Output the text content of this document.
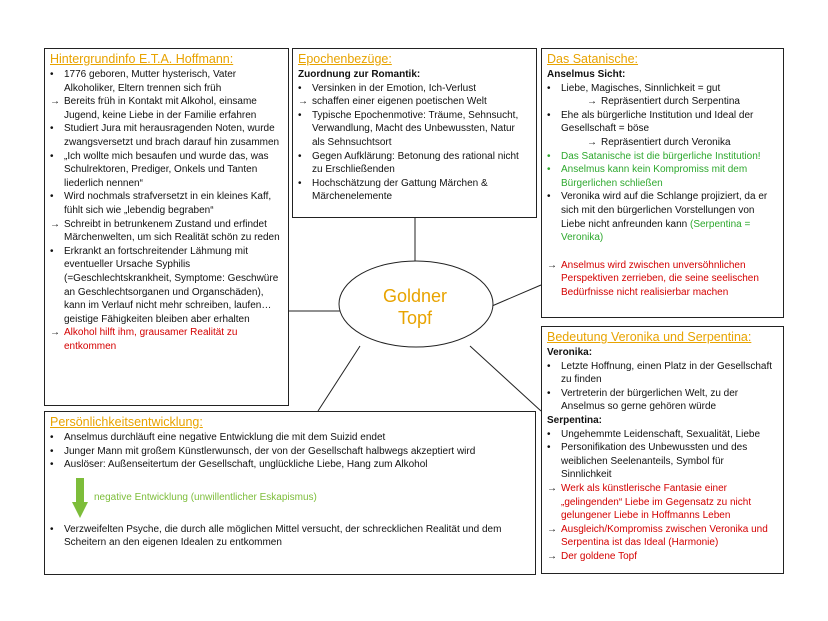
Goldner
Topf
Hintergrundinfo E.T.A. Hoffmann:
•	1776 geboren, Mutter hysterisch, Vater Alkoholiker, Eltern trennen sich früh
→ Bereits früh in Kontakt mit Alkohol, einsame Jugend, keine Liebe in der Familie erfahren
•	Studiert Jura mit herausragenden Noten, wurde zwangsversetzt und brach darauf hin zusammen
•	„Ich wollte mich besaufen und wurde das, was Schulrektoren, Prediger, Onkels und Tanten liederlich nennen“
•	Wird nochmals strafversetzt in ein kleines Kaff, fühlt sich wie „lebendig begraben“
→ Schreibt in betrunkenem Zustand und erfindet Märchenwelten, um sich Realität schön zu reden
•	Erkrankt an fortschreitender Lähmung mit eventueller Ursache Syphilis (=Geschlechtskrankheit, Symptome: Geschwüre an Geschlechtsorganen und Organschäden), kann im Verlauf nicht mehr schreiben, laufen… geistige Fähigkeiten bleiben aber erhalten
→ Alkohol hilft ihm, grausamer Realität zu entkommen
Epochenbezüge:
Zuordnung zur Romantik:
•	Versinken in der Emotion, Ich-Verlust
→ schaffen einer eigenen poetischen Welt
•	Typische Epochenmotive: Träume, Sehnsucht, Verwandlung, Macht des Unbewussten, Natur als Sehnsuchtsort
•	Gegen Aufklärung: Betonung des rational nicht zu Erschließenden
•	Hochschätzung der Gattung Märchen & Märchenelemente
Das Satanische:
Anselmus Sicht:
•	Liebe, Magisches, Sinnlichkeit = gut
→ Repräsentiert durch Serpentina
•	Ehe als bürgerliche Institution und Ideal der Gesellschaft = böse
→ Repräsentiert durch Veronika
•	Das Satanische ist die bürgerliche Institution!
•	Anselmus kann kein Kompromiss mit dem Bürgerlichen schließen
•	Veronika wird auf die Schlange projiziert, da er sich mit den bürgerlichen Vorstellungen von Liebe nicht anfreunden kann (Serpentina = Veronika)
→ Anselmus wird zwischen unversöhnlichen Perspektiven zerrieben, die seine seelischen Bedürfnisse nicht realisierbar machen
Bedeutung Veronika und Serpentina:
Veronika:
•	Letzte Hoffnung, einen Platz in der Gesellschaft zu finden
•	Vertreterin der bürgerlichen Welt, zu der Anselmus so gerne gehören würde
Serpentina:
•	Ungehemmte Leidenschaft, Sexualität, Liebe
•	Personifikation des Unbewussten und des weiblichen Seelenanteils, Symbol für Sinnlichkeit
→ Werk als künstlerische Fantasie einer „gelingenden“ Liebe im Gegensatz zu nicht gelungener Liebe in Hoffmanns Leben
→ Ausgleich/Kompromiss zwischen Veronika und Serpentina ist das Ideal (Harmonie)
→ Der goldene Topf
Persönlichkeitsentwicklung:
•	Anselmus durchläuft eine negative Entwicklung die mit dem Suizid endet
•	Junger Mann mit großem Künstlerwunsch, der von der Gesellschaft halbwegs akzeptiert wird
•	Auslöser: Außenseitertum der Gesellschaft, unglückliche Liebe, Hang zum Alkohol
negative Entwicklung (unwillentlicher Eskapismus)
•	Verzweifelten Psyche, die durch alle möglichen Mittel versucht, der schrecklichen Realität und dem Scheitern an den eigenen Idealen zu entkommen
